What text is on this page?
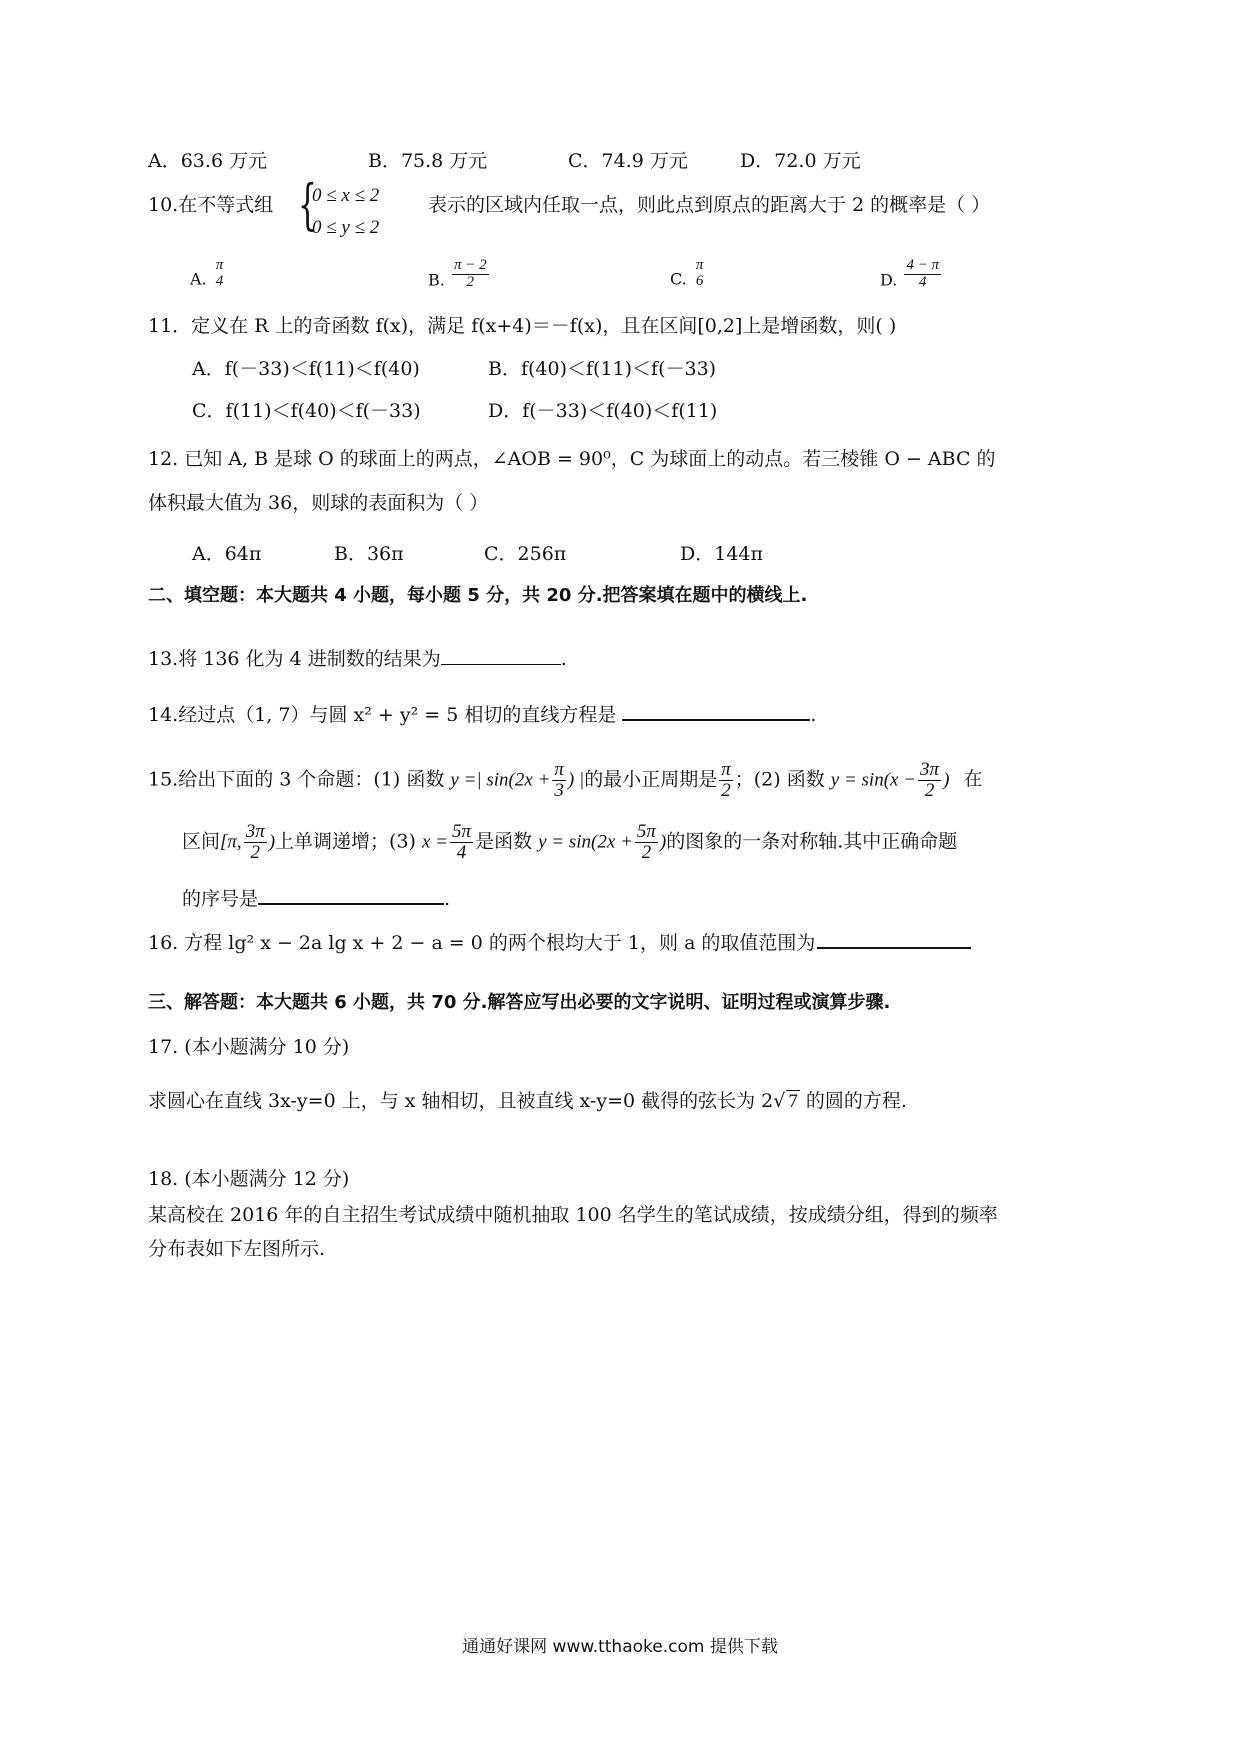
A．63.6 万元	B．75.8 万元	C．74.9 万元	D．72.0 万元
10.在不等式组 {
0 ≤ x ≤ 2
0 ≤ y ≤ 2
表示的区域内任取一点，则此点到原点的距离大于 2 的概率是（ ）
A.
π
4	B. $\frac{\pi - 2}{2}$	C.
π
6	D. $\frac{4 - \pi}{4}$
11．定义在 R 上的奇函数 f(x)，满足 f(x+4)＝－f(x)，且在区间[0,2]上是增函数，则( )
A．f(－33)＜f(11)＜f(40)	B．f(40)＜f(11)＜f(－33)
C．f(11)＜f(40)＜f(－33)	D．f(－33)＜f(40)＜f(11)
12. 已知 A, B 是球 O 的球面上的两点，∠AOB = 90⁰，C 为球面上的动点。若三棱锥 O − ABC 的
体积最大值为 36，则球的表面积为（ ）
A．64π	B．36π	C．256π	D．144π
二、填空题：本大题共 4 小题，每小题 5 分，共 20 分.把答案填在题中的横线上.
13.将 136 化为 4 进制数的结果为	.
14.经过点（1, 7）与圆 x² + y² = 5 相切的直线方程是	.
15.给出下面的 3 个命题：(1) 函数 y =| $\sin(2x + \frac{\pi}{3}$ ) |的最小正周期是 $\frac{\pi}{2}$ ；(2) 函数 $y = \sin(x - \frac{3\pi}{2}$ ) 在
区间[π, $\frac{3\pi}{2}$ )上单调递增；(3) $x = \frac{5\pi}{4}$ 是函数 $y = \sin(2x + \frac{5\pi}{2}$ )的图象的一条对称轴.其中正确命题
的序号是	.
16. 方程 lg² x − 2a lg x + 2 − a = 0 的两个根均大于 1，则 a 的取值范围为
三、解答题：本大题共 6 小题，共 70 分.解答应写出必要的文字说明、证明过程或演算步骤.
17. (本小题满分 10 分)
求圆心在直线 3x-y=0 上，与 x 轴相切，且被直线 x-y=0 截得的弦长为 2√ 7 的圆的方程.
18. (本小题满分 12 分)
某高校在 2016 年的自主招生考试成绩中随机抽取 100 名学生的笔试成绩，按成绩分组，得到的频率
分布表如下左图所示.
通通好课网 www.tthaoke.com 提供下载
